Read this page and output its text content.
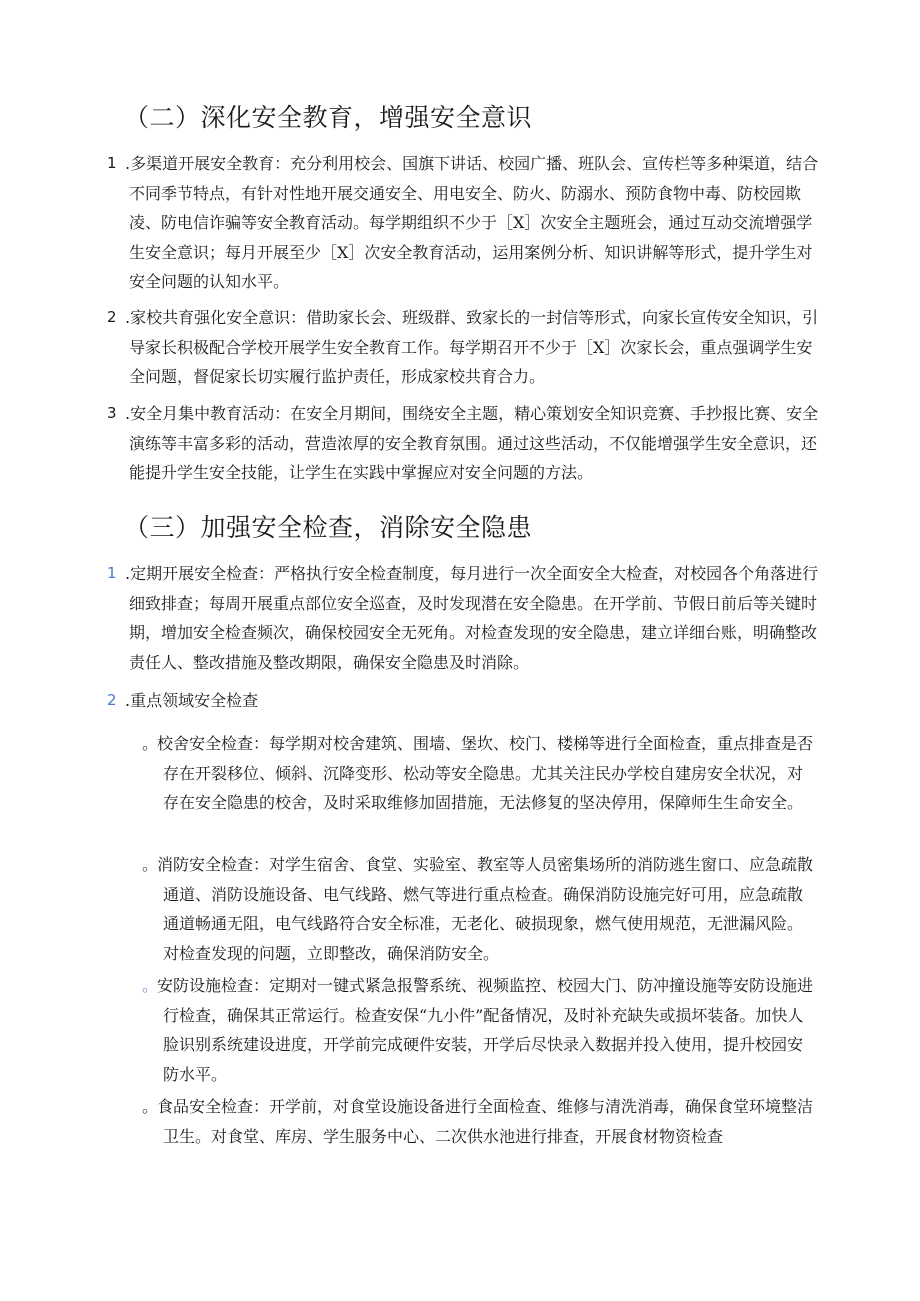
（二）深化安全教育，增强安全意识
1 .多渠道开展安全教育：充分利用校会、国旗下讲话、校园广播、班队会、宣传栏等多种渠道，结合不同季节特点，有针对性地开展交通安全、用电安全、防火、防溺水、预防食物中毒、防校园欺凌、防电信诈骗等安全教育活动。每学期组织不少于［X］次安全主题班会，通过互动交流增强学生安全意识；每月开展至少［X］次安全教育活动，运用案例分析、知识讲解等形式，提升学生对安全问题的认知水平。
2 .家校共育强化安全意识：借助家长会、班级群、致家长的一封信等形式，向家长宣传安全知识，引导家长积极配合学校开展学生安全教育工作。每学期召开不少于［X］次家长会，重点强调学生安全问题，督促家长切实履行监护责任，形成家校共育合力。
3 .安全月集中教育活动：在安全月期间，围绕安全主题，精心策划安全知识竞赛、手抄报比赛、安全演练等丰富多彩的活动，营造浓厚的安全教育氛围。通过这些活动，不仅能增强学生安全意识，还能提升学生安全技能，让学生在实践中掌握应对安全问题的方法。
（三）加强安全检查，消除安全隐患
1 .定期开展安全检查：严格执行安全检查制度，每月进行一次全面安全大检查，对校园各个角落进行细致排查；每周开展重点部位安全巡查，及时发现潜在安全隐患。在开学前、节假日前后等关键时期，增加安全检查频次，确保校园安全无死角。对检查发现的安全隐患，建立详细台账，明确整改责任人、整改措施及整改期限，确保安全隐患及时消除。
2 .重点领域安全检查
。
校舍安全检查：每学期对校舍建筑、围墙、堡坎、校门、楼梯等进行全面检查，重点排查是否存在开裂移位、倾斜、沉降变形、松动等安全隐患。尤其关注民办学校自建房安全状况，对存在安全隐患的校舍，及时采取维修加固措施，无法修复的坚决停用，保障师生生命安全。
。
消防安全检查：对学生宿舍、食堂、实验室、教室等人员密集场所的消防逃生窗口、应急疏散通道、消防设施设备、电气线路、燃气等进行重点检查。确保消防设施完好可用，应急疏散通道畅通无阻，电气线路符合安全标准，无老化、破损现象，燃气使用规范，无泄漏风险。对检查发现的问题，立即整改，确保消防安全。
。
安防设施检查：定期对一键式紧急报警系统、视频监控、校园大门、防冲撞设施等安防设施进行检查，确保其正常运行。检查安保“九小件”配备情况，及时补充缺失或损坏装备。加快人脸识别系统建设进度，开学前完成硬件安装，开学后尽快录入数据并投入使用，提升校园安防水平。
。
食品安全检查：开学前，对食堂设施设备进行全面检查、维修与清洗消毒，确保食堂环境整洁卫生。对食堂、库房、学生服务中心、二次供水池进行排查，开展食材物资检查
